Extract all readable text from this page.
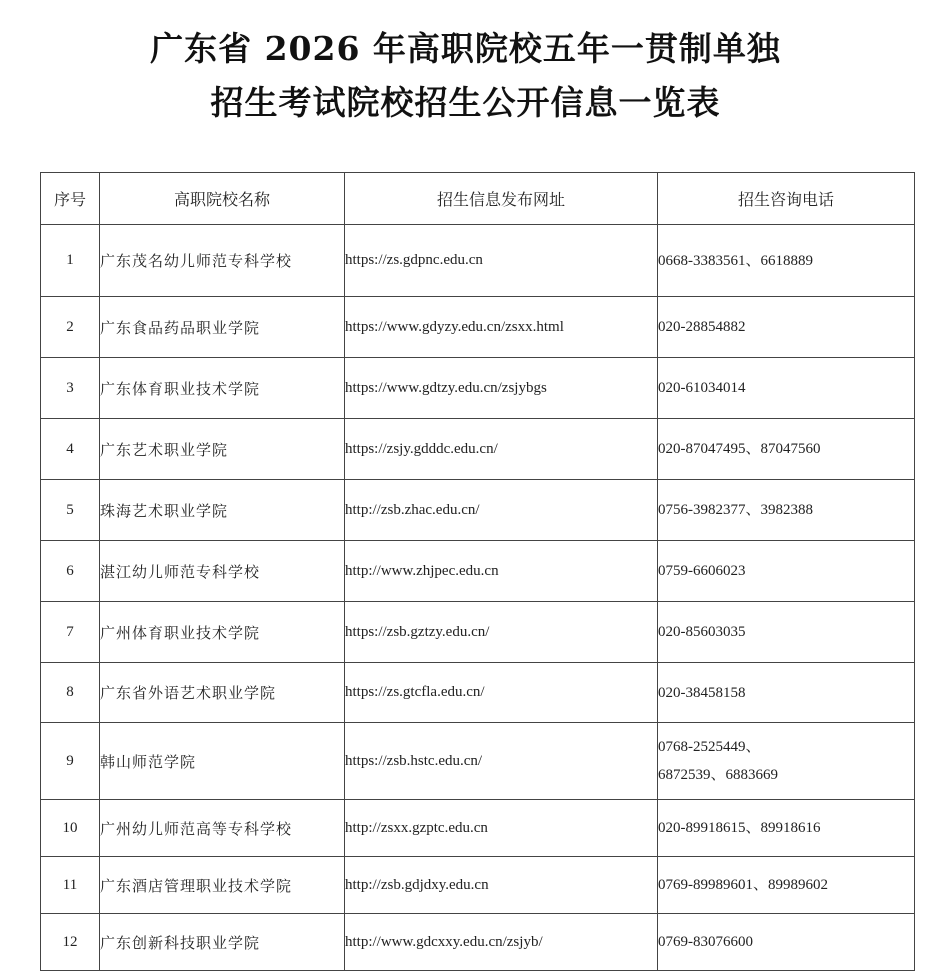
广东省 2026 年高职院校五年一贯制单独
招生考试院校招生公开信息一览表
序号	高职院校名称	招生信息发布网址	招生咨询电话
1	广东茂名幼儿师范专科学校	https://zs.gdpnc.edu.cn	0668-3383561、6618889

2	广东食品药品职业学院	https://www.gdyzy.edu.cn/zsxx.html	020-28854882

3	广东体育职业技术学院	https://www.gdtzy.edu.cn/zsjybgs	020-61034014

4	广东艺术职业学院	https://zsjy.gdddc.edu.cn/	020-87047495、87047560

5	珠海艺术职业学院	http://zsb.zhac.edu.cn/	0756-3982377、3982388

6	湛江幼儿师范专科学校	http://www.zhjpec.edu.cn	0759-6606023

7	广州体育职业技术学院	https://zsb.gztzy.edu.cn/	020-85603035

8	广东省外语艺术职业学院	https://zs.gtcfla.edu.cn/	020-38458158

9	韩山师范学院	https://zsb.hstc.edu.cn/	0768-2525449、
6872539、6883669

10	广州幼儿师范高等专科学校	http://zsxx.gzptc.edu.cn	020-89918615、89918616

11	广东酒店管理职业技术学院	http://zsb.gdjdxy.edu.cn	0769-89989601、89989602

12	广东创新科技职业学院	http://www.gdcxxy.edu.cn/zsjyb/	0769-83076600
